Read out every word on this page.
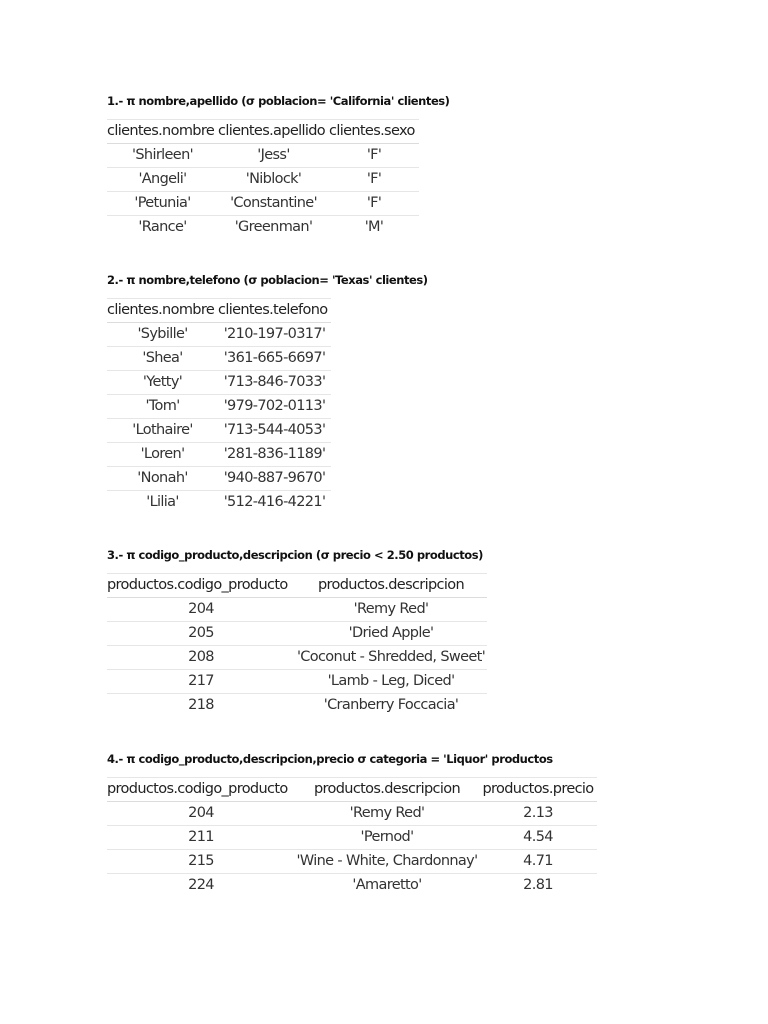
1.- π nombre,apellido (σ poblacion= 'California' clientes)

clientes.nombre	clientes.apellido	clientes.sexo
'Shirleen'	'Jess'	'F'
'Angeli'	'Niblock'	'F'
'Petunia'	'Constantine'	'F'
'Rance'	'Greenman'	'M'

2.- π nombre,telefono (σ poblacion= 'Texas' clientes)

clientes.nombre	clientes.telefono
'Sybille'	'210-197-0317'
'Shea'	'361-665-6697'
'Yetty'	'713-846-7033'
'Tom'	'979-702-0113'
'Lothaire'	'713-544-4053'
'Loren'	'281-836-1189'
'Nonah'	'940-887-9670'
'Lilia'	'512-416-4221'

3.- π codigo_producto,descripcion (σ precio < 2.50 productos)

productos.codigo_producto	productos.descripcion
204	'Remy Red'
205	'Dried Apple'
208	'Coconut - Shredded, Sweet'
217	'Lamb - Leg, Diced'
218	'Cranberry Foccacia'

4.- π codigo_producto,descripcion,precio σ categoria = 'Liquor' productos

productos.codigo_producto	productos.descripcion	productos.precio
204	'Remy Red'	2.13
211	'Pernod'	4.54
215	'Wine - White, Chardonnay'	4.71
224	'Amaretto'	2.81
